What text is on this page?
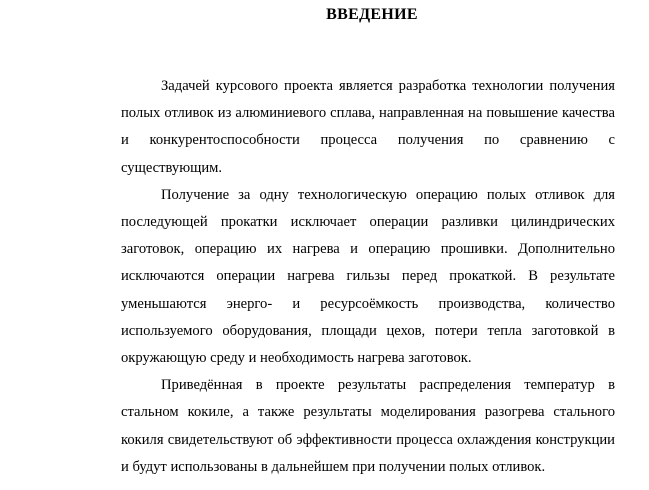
ВВЕДЕНИЕ
Задачей курсового проекта является разработка технологии получения
полых отливок из алюминиевого сплава, направленная на повышение качества
и конкурентоспособности процесса получения по сравнению с
существующим.
Получение за одну технологическую операцию полых отливок для
последующей прокатки исключает операции разливки цилиндрических
заготовок, операцию их нагрева и операцию прошивки. Дополнительно
исключаются операции нагрева гильзы перед прокаткой. В результате
уменьшаются энерго- и ресурсоёмкость производства, количество
используемого оборудования, площади цехов, потери тепла заготовкой в
окружающую среду и необходимость нагрева заготовок.
Приведённая в проекте результаты распределения температур в
стальном кокиле, а также результаты моделирования разогрева стального
кокиля свидетельствуют об эффективности процесса охлаждения конструкции
и будут использованы в дальнейшем при получении полых отливок.
